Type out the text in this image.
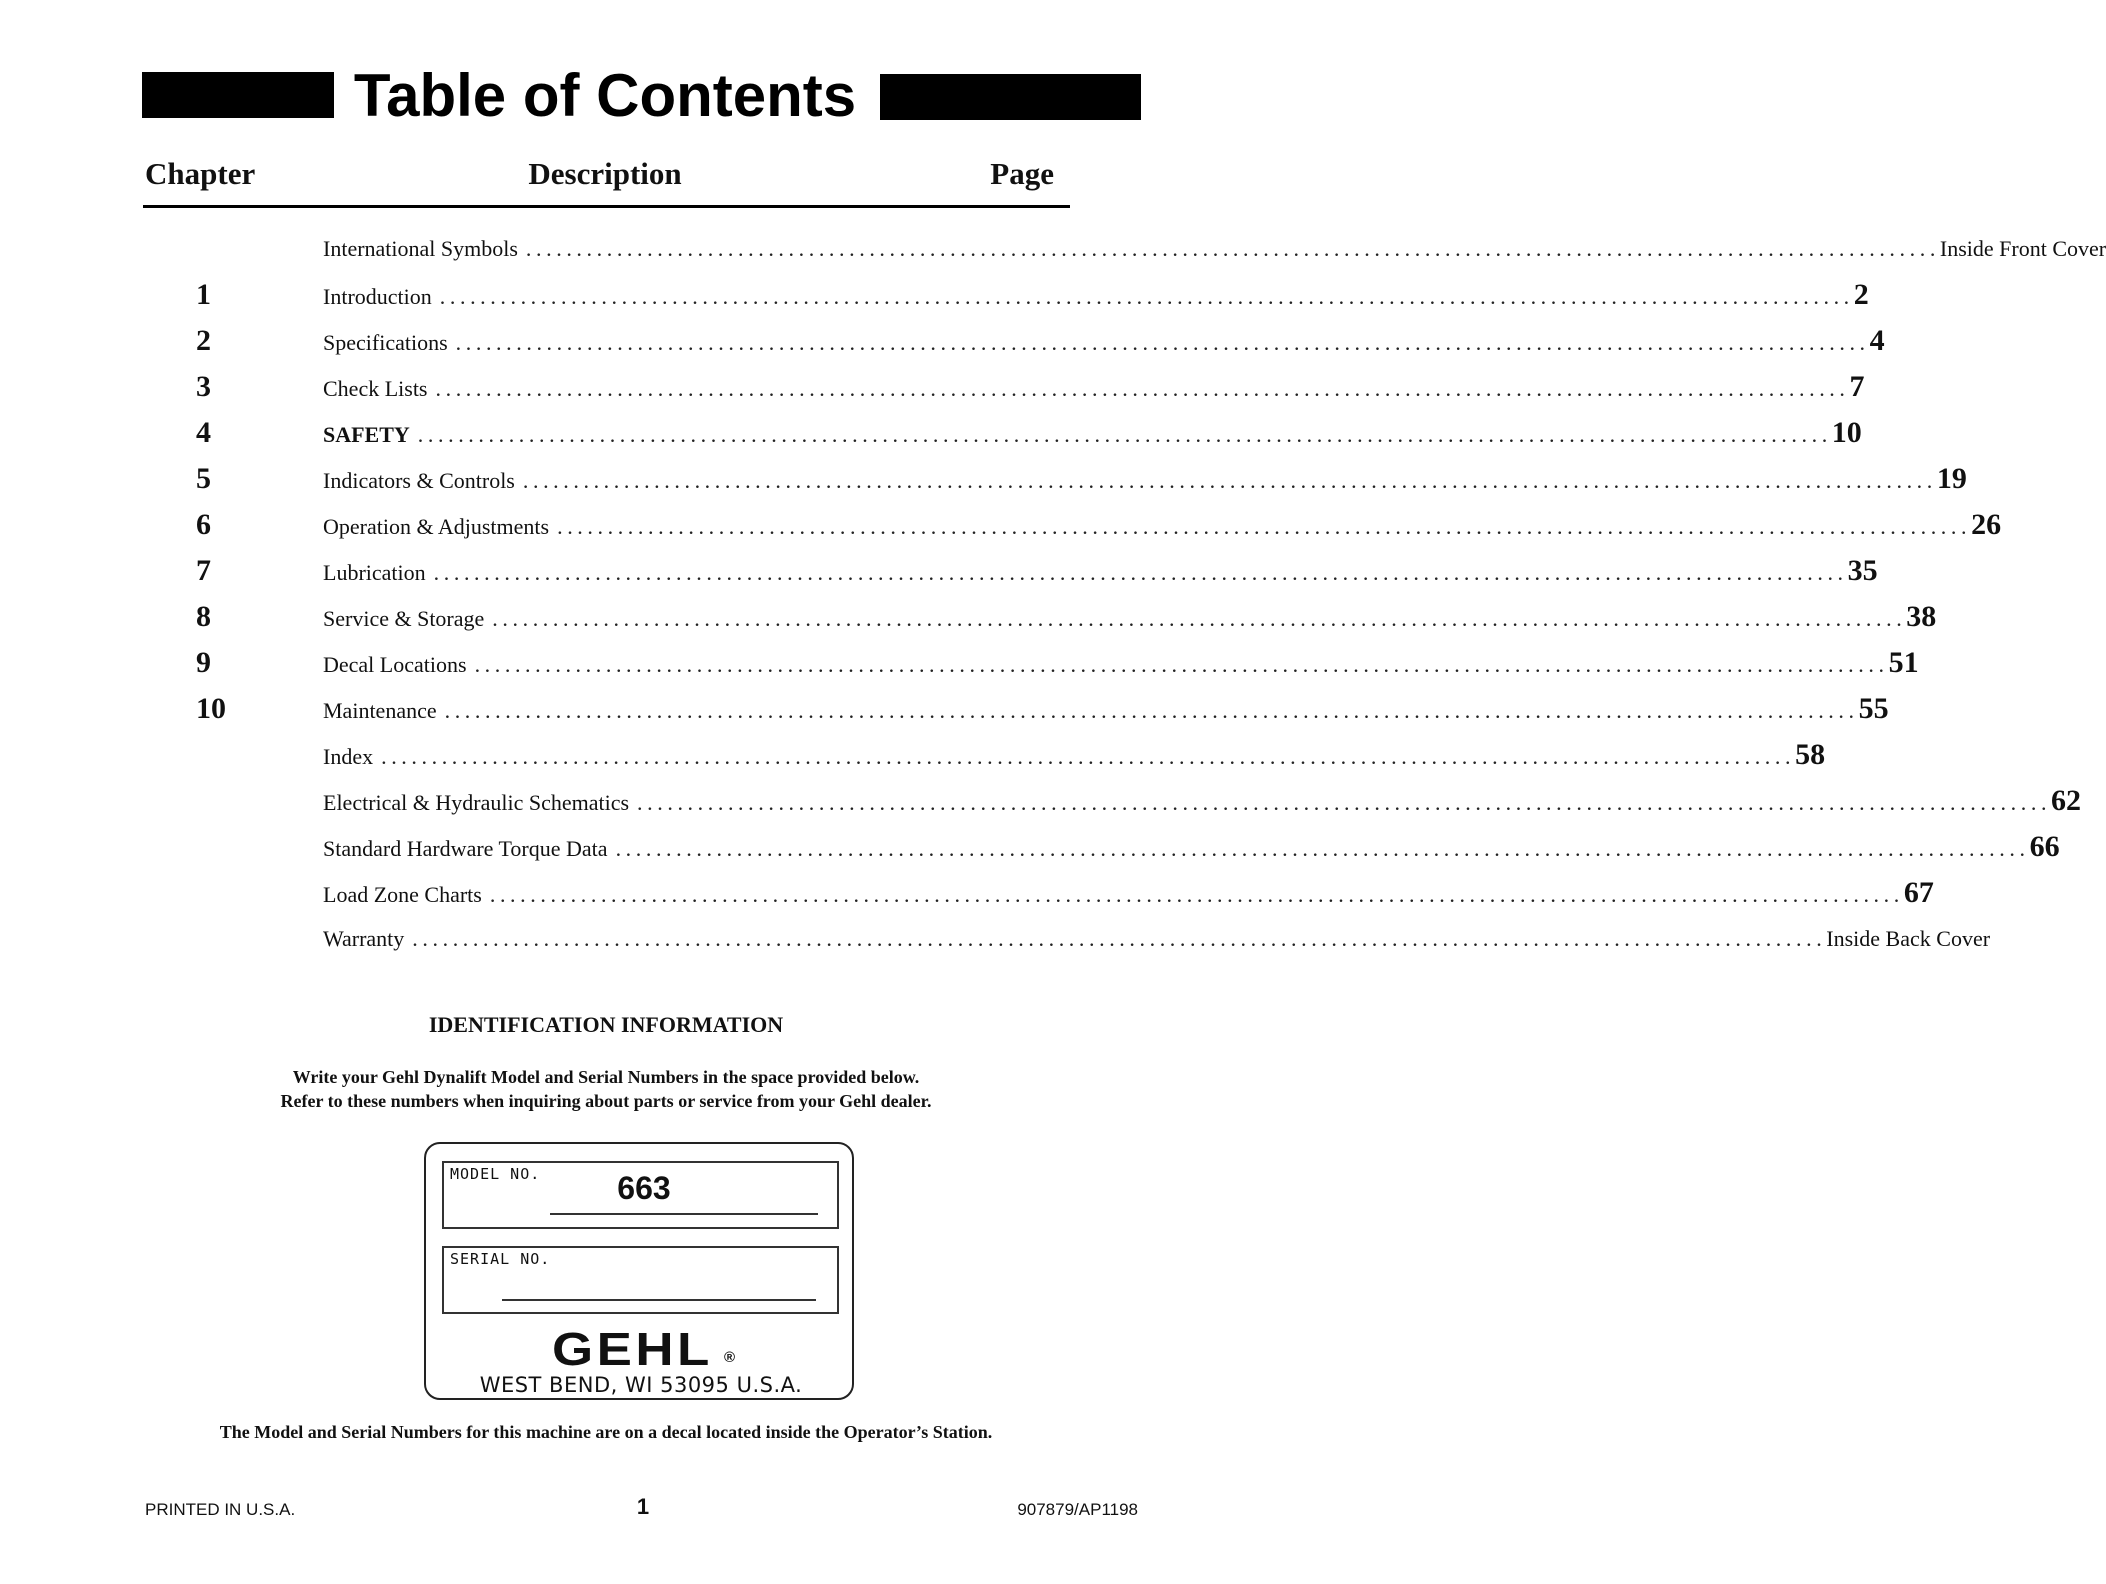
Table of Contents
Chapter	Description	Page
International Symbols ............................................................................................................................................ Inside Front Cover
1	Introduction ............................................................................................................................................ 2
2	Specifications ............................................................................................................................................ 4
3	Check Lists ............................................................................................................................................ 7
4	SAFETY ............................................................................................................................................ 10
5	Indicators & Controls ............................................................................................................................................ 19
6	Operation & Adjustments ............................................................................................................................................ 26
7	Lubrication ............................................................................................................................................ 35
8	Service & Storage ............................................................................................................................................ 38
9	Decal Locations ............................................................................................................................................ 51
10	Maintenance ............................................................................................................................................ 55
Index ............................................................................................................................................ 58
Electrical & Hydraulic Schematics ............................................................................................................................................ 62
Standard Hardware Torque Data ............................................................................................................................................ 66
Load Zone Charts ............................................................................................................................................ 67
Warranty ............................................................................................................................................ Inside Back Cover
IDENTIFICATION INFORMATION
Write your Gehl Dynalift Model and Serial Numbers in the space provided below.
Refer to these numbers when inquiring about parts or service from your Gehl dealer.
MODEL NO.	663
SERIAL NO.
GEHL ®
WEST BEND, WI 53095 U.S.A.
The Model and Serial Numbers for this machine are on a decal located inside the Operator’s Station.
PRINTED IN U.S.A.	1	907879/AP1198
